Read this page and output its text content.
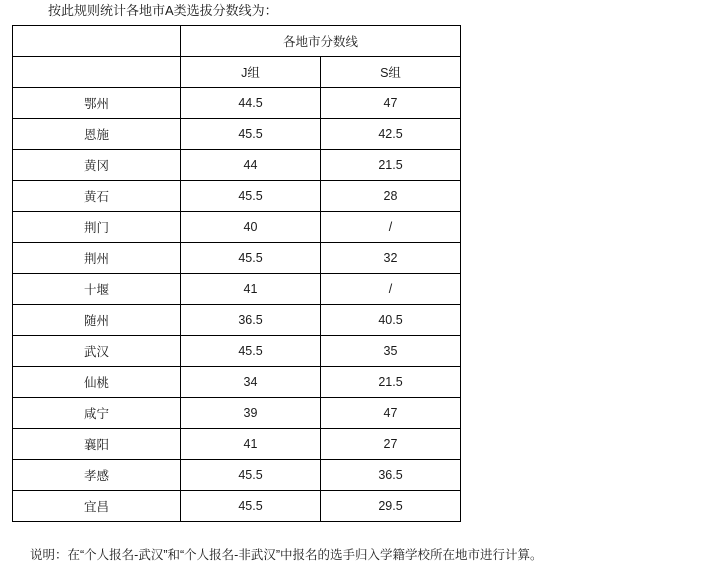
按此规则统计各地市A类选拔分数线为：
	各地市分数线	
	J组	S组
鄂州	44.5	47
恩施	45.5	42.5
黄冈	44	21.5
黄石	45.5	28
荆门	40	/
荆州	45.5	32
十堰	41	/
随州	36.5	40.5
武汉	45.5	35
仙桃	34	21.5
咸宁	39	47
襄阳	41	27
孝感	45.5	36.5
宜昌	45.5	29.5
说明：在“个人报名-武汉”和“个人报名-非武汉”中报名的选手归入学籍学校所在地市进行计算。
